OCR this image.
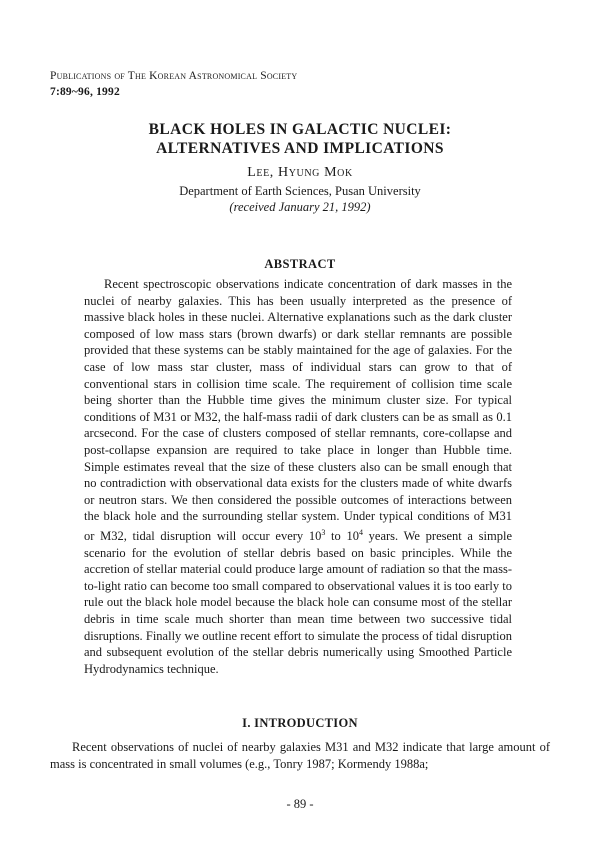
Publications of The Korean Astronomical Society
7:89~96, 1992
BLACK HOLES IN GALACTIC NUCLEI:
ALTERNATIVES AND IMPLICATIONS
Lee, Hyung Mok
Department of Earth Sciences, Pusan University
(received January 21, 1992)
ABSTRACT

Recent spectroscopic observations indicate concentration of dark masses in the nuclei of nearby galaxies. This has been usually interpreted as the presence of massive black holes in these nuclei. Alternative explanations such as the dark cluster composed of low mass stars (brown dwarfs) or dark stellar remnants are possible provided that these systems can be stably maintained for the age of galaxies. For the case of low mass star cluster, mass of individual stars can grow to that of conventional stars in collision time scale. The requirement of collision time scale being shorter than the Hubble time gives the minimum cluster size. For typical conditions of M31 or M32, the half-mass radii of dark clusters can be as small as 0.1 arcsecond. For the case of clusters composed of stellar remnants, core-collapse and post-collapse expansion are required to take place in longer than Hubble time. Simple estimates reveal that the size of these clusters also can be small enough that no contradiction with observational data exists for the clusters made of white dwarfs or neutron stars. We then considered the possible outcomes of interactions between the black hole and the surrounding stellar system. Under typical conditions of M31 or M32, tidal disruption will occur every $10^3$ to $10^4$ years. We present a simple scenario for the evolution of stellar debris based on basic principles. While the accretion of stellar material could produce large amount of radiation so that the mass-to-light ratio can become too small compared to observational values it is too early to rule out the black hole model because the black hole can consume most of the stellar debris in time scale much shorter than mean time between two successive tidal disruptions. Finally we outline recent effort to simulate the process of tidal disruption and subsequent evolution of the stellar debris numerically using Smoothed Particle Hydrodynamics technique.

I. INTRODUCTION

Recent observations of nuclei of nearby galaxies M31 and M32 indicate that large amount of mass is concentrated in small volumes (e.g., Tonry 1987; Kormendy 1988a;

- 89 -
